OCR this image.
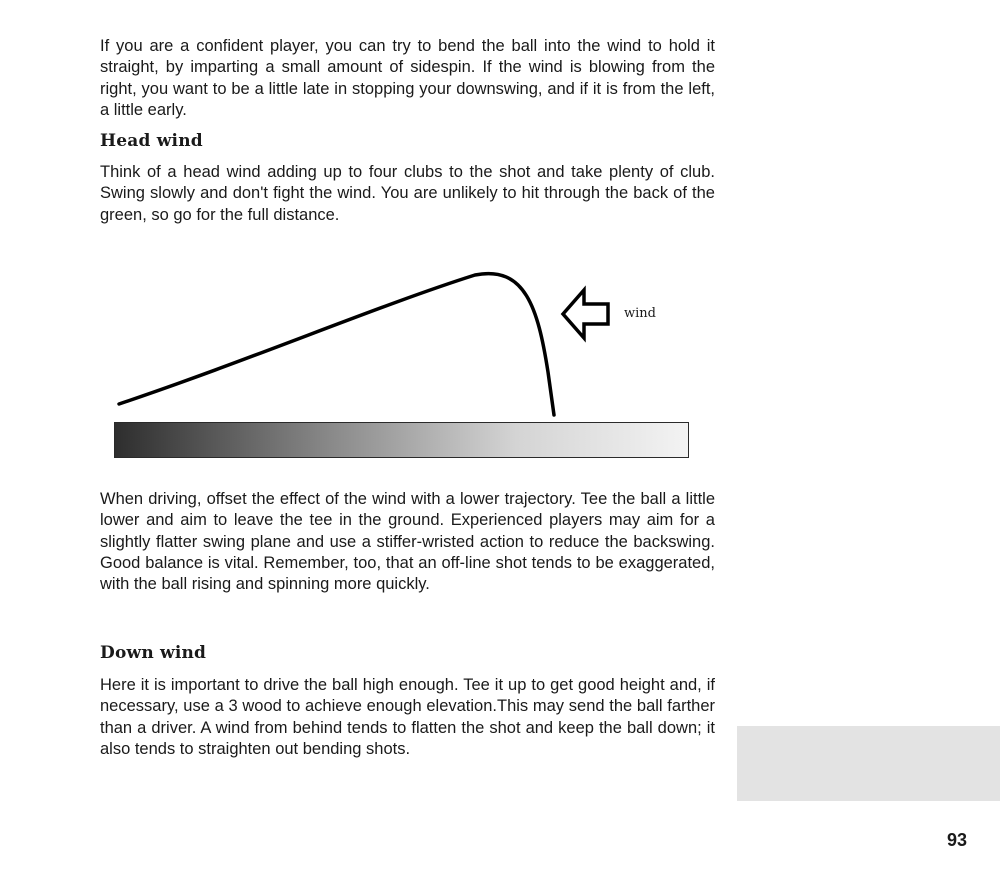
If you are a confident player, you can try to bend the ball into the wind to hold it straight, by imparting a small amount of sidespin. If the wind is blowing from the right, you want to be a little late in stopping your downswing, and if it is from the left, a little early.

Head wind

Think of a head wind adding up to four clubs to the shot and take plenty of club. Swing slowly and don't fight the wind. You are unlikely to hit through the back of the green, so go for the full distance.

wind

When driving, offset the effect of the wind with a lower trajectory. Tee the ball a little lower and aim to leave the tee in the ground. Experienced players may aim for a slightly flatter swing plane and use a stiffer-wristed action to reduce the backswing. Good balance is vital. Remember, too, that an off-line shot tends to be exaggerated, with the ball rising and spinning more quickly.

Down wind

Here it is important to drive the ball high enough. Tee it up to get good height and, if necessary, use a 3 wood to achieve enough elevation.This may send the ball farther than a driver. A wind from behind tends to flatten the shot and keep the ball down; it also tends to straighten out bending shots.

93
